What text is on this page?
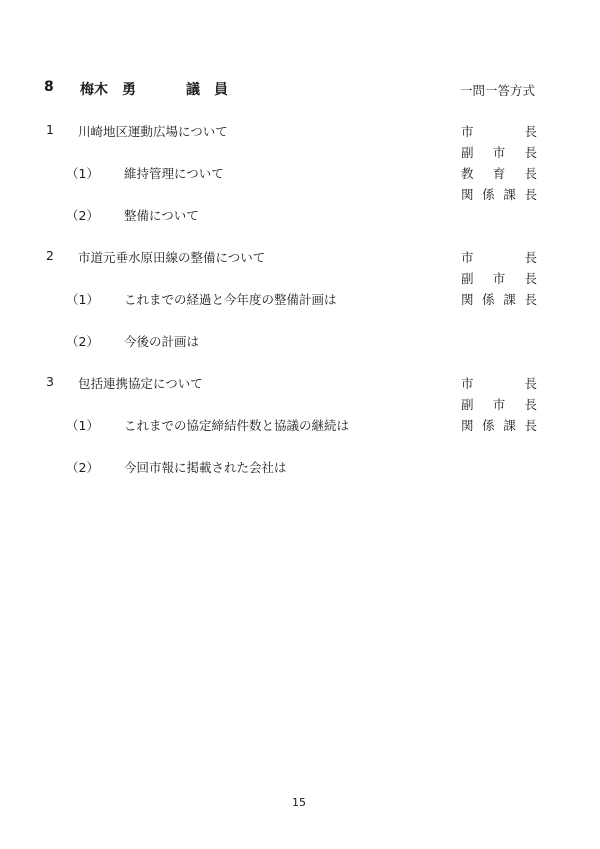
8 梅木　勇	議　員	一問一答方式
1 川崎地区運動広場について
（1） 維持管理について
（2） 整備について
市	長
副 市 長
教 育 長
関 係 課 長
2 市道元垂水原田線の整備について
（1） これまでの経過と今年度の整備計画は
（2） 今後の計画は
市	長
副 市 長
関 係 課 長
3 包括連携協定について
（1） これまでの協定締結件数と協議の継続は
（2） 今回市報に掲載された会社は
市	長
副 市 長
関 係 課 長
15
